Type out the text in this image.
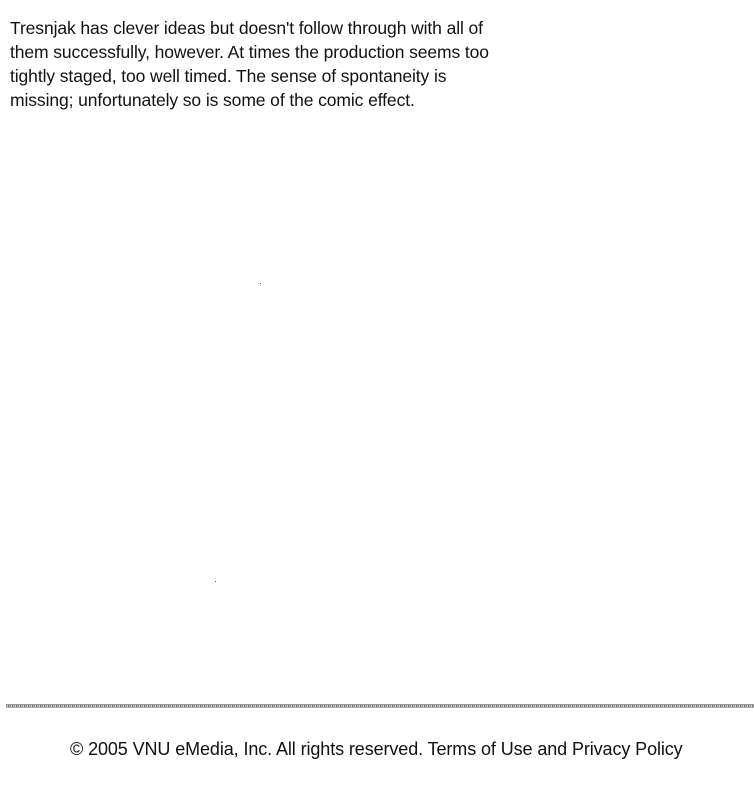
Tresnjak has clever ideas but doesn't follow through with all of
them successfully, however. At times the production seems too
tightly staged, too well timed. The sense of spontaneity is
missing; unfortunately so is some of the comic effect.

© 2005 VNU eMedia, Inc. All rights reserved. Terms of Use and Privacy Policy
